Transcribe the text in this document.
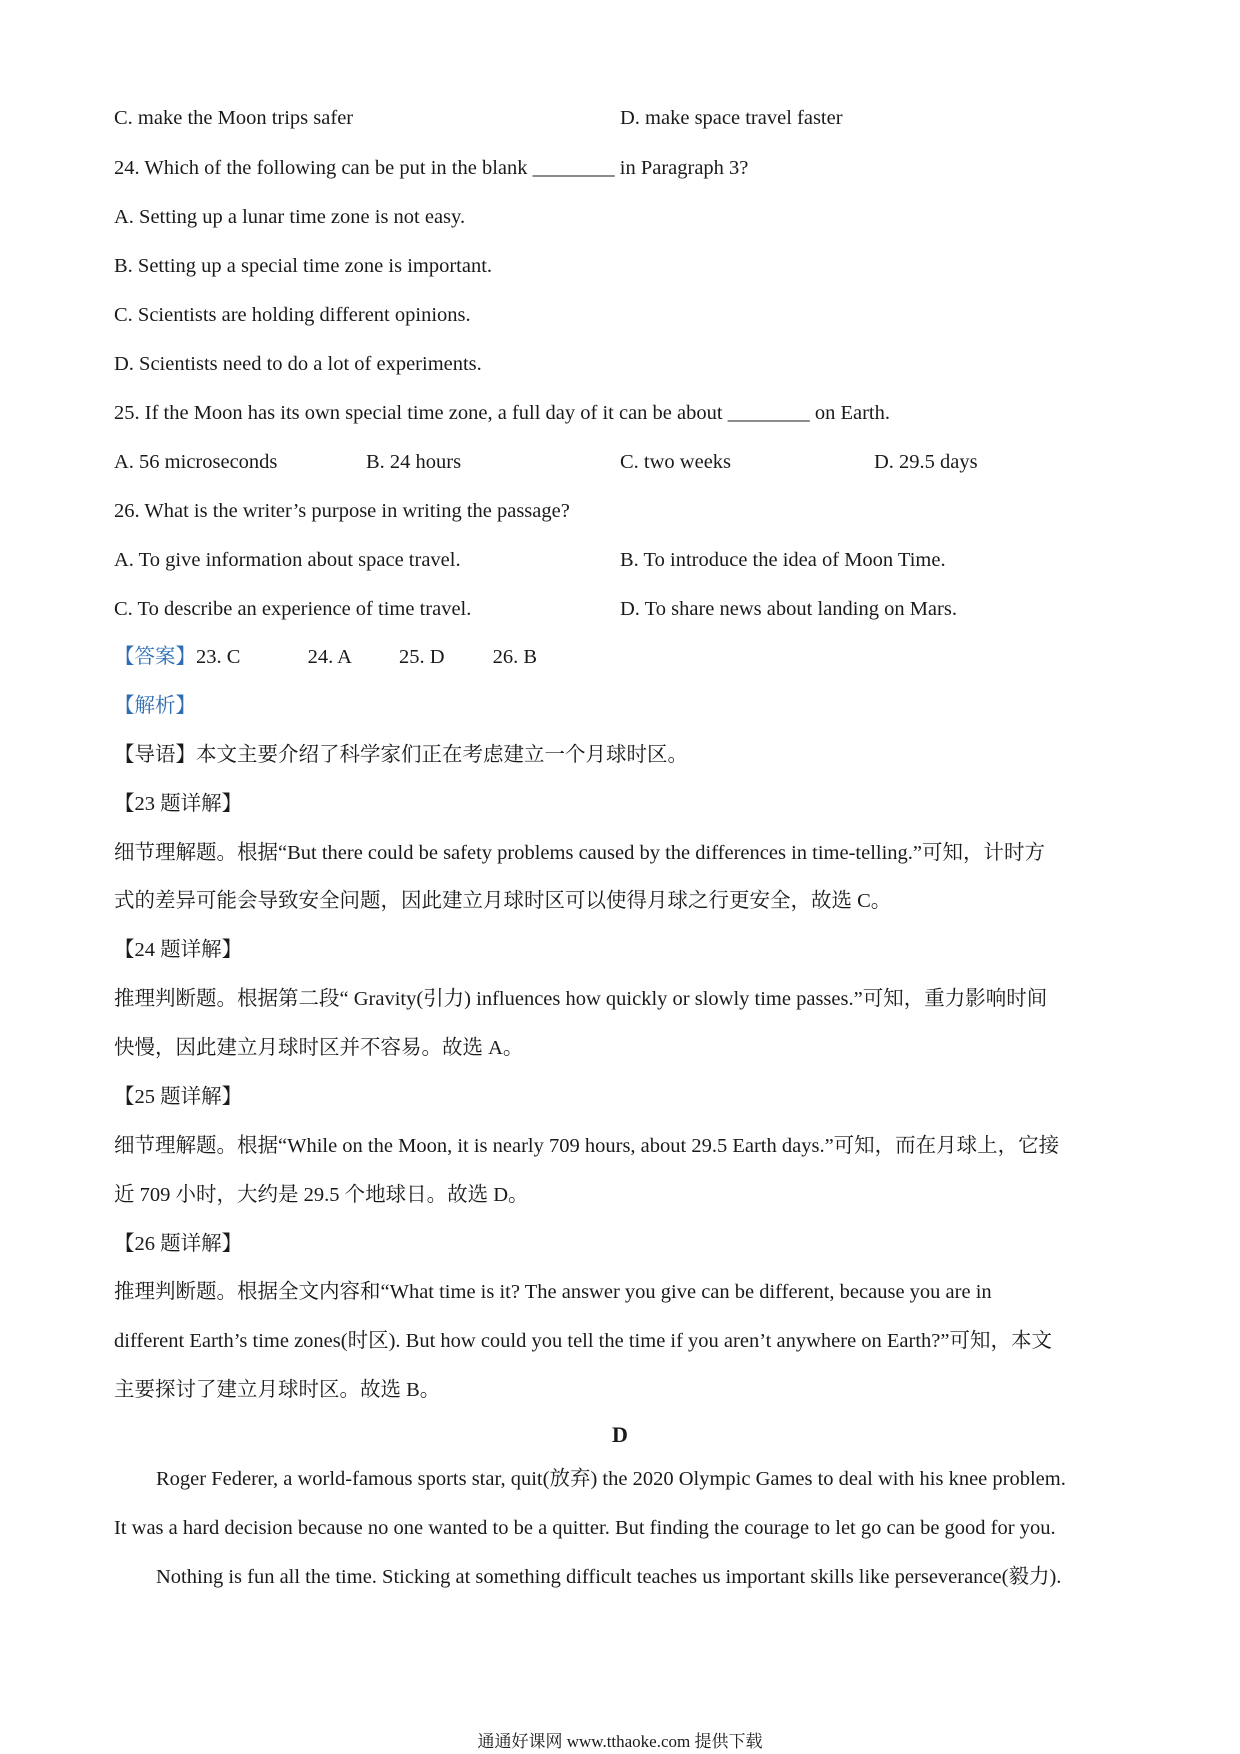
C. make the Moon trips safer	D. make space travel faster
24. Which of the following can be put in the blank ________ in Paragraph 3?
A. Setting up a lunar time zone is not easy.
B. Setting up a special time zone is important.
C. Scientists are holding different opinions.
D. Scientists need to do a lot of experiments.
25. If the Moon has its own special time zone, a full day of it can be about ________ on Earth.
A. 56 microseconds	B. 24 hours	C. two weeks	D. 29.5 days
26. What is the writer’s purpose in writing the passage?
A. To give information about space travel.	B. To introduce the idea of Moon Time.
C. To describe an experience of time travel.	D. To share news about landing on Mars.
【答案】23. C	24. A 25. D 26. B
【解析】
【导语】本文主要介绍了科学家们正在考虑建立一个月球时区。
【23 题详解】
细节理解题。根据“But there could be safety problems caused by the differences in time-telling.”可知，计时方
式的差异可能会导致安全问题，因此建立月球时区可以使得月球之行更安全，故选 C。
【24 题详解】
推理判断题。根据第二段“ Gravity(引力) influences how quickly or slowly time passes.”可知，重力影响时间
快慢，因此建立月球时区并不容易。故选 A。
【25 题详解】
细节理解题。根据“While on the Moon, it is nearly 709 hours, about 29.5 Earth days.”可知，而在月球上，它接
近 709 小时，大约是 29.5 个地球日。故选 D。
【26 题详解】
推理判断题。根据全文内容和“What time is it? The answer you give can be different, because you are in
different Earth’s time zones(时区). But how could you tell the time if you aren’t anywhere on Earth?”可知，本文
主要探讨了建立月球时区。故选 B。
D
Roger Federer, a world-famous sports star, quit(放弃) the 2020 Olympic Games to deal with his knee problem.
It was a hard decision because no one wanted to be a quitter. But finding the courage to let go can be good for you.
Nothing is fun all the time. Sticking at something difficult teaches us important skills like perseverance(毅力).
通通好课网 www.tthaoke.com 提供下载
